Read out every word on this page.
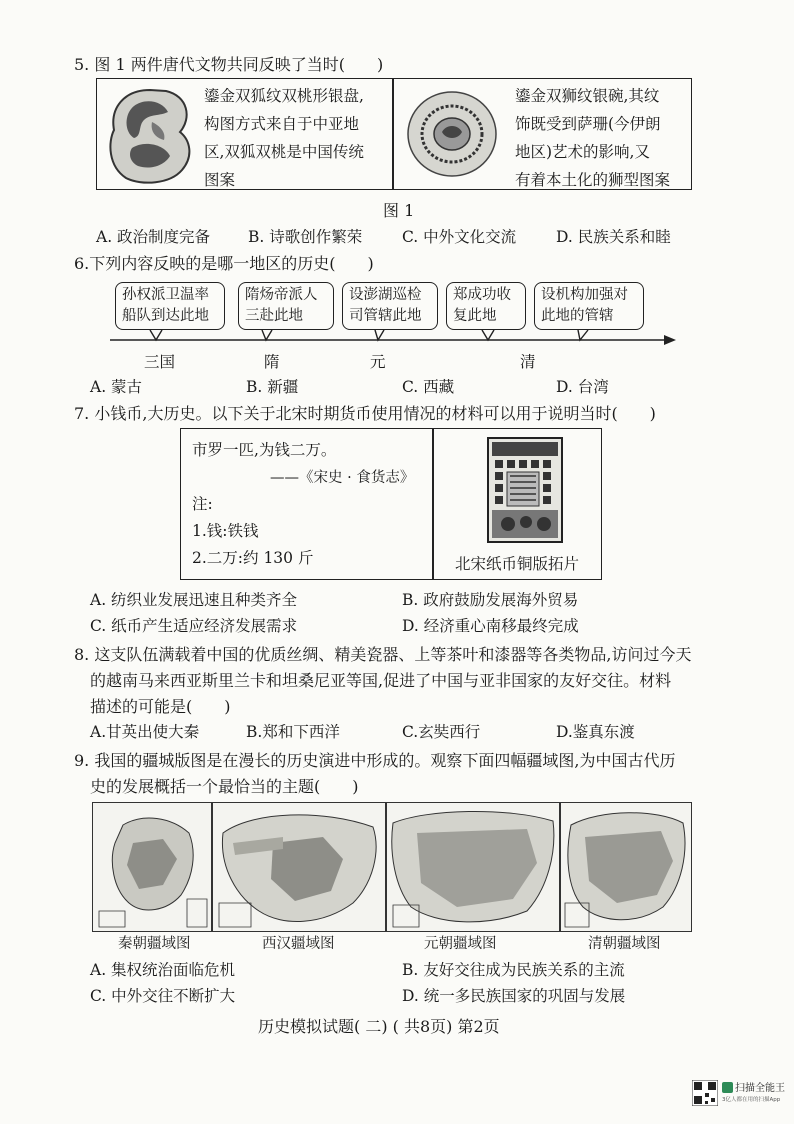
5. 图 1 两件唐代文物共同反映了当时(　　)
鎏金双狐纹双桃形银盘,
构图方式来自于中亚地
区,双狐双桃是中国传统
图案
鎏金双狮纹银碗,其纹
饰既受到萨珊(今伊朗
地区)艺术的影响,又
有着本土化的狮型图案
图 1
A. 政治制度完备 B. 诗歌创作繁荣	C. 中外文化交流	D. 民族关系和睦
6.下列内容反映的是哪一地区的历史(　　)
孙权派卫温率
船队到达此地
隋炀帝派人
三赴此地
设澎湖巡检
司管辖此地
郑成功收
复此地
设机构加强对
此地的管辖
三国	隋	元	清
A. 蒙古	B. 新疆	C. 西藏	D. 台湾
7. 小钱币,大历史。以下关于北宋时期货币使用情况的材料可以用于说明当时(　　)
市罗一匹,为钱二万。
——《宋史 · 食货志》
注:
1.钱:铁钱
2.二万:约 130 斤	北宋纸币铜版拓片
A. 纺织业发展迅速且种类齐全	B. 政府鼓励发展海外贸易
C. 纸币产生适应经济发展需求	D. 经济重心南移最终完成
8. 这支队伍满载着中国的优质丝绸、精美瓷器、上等茶叶和漆器等各类物品,访问过今天
的越南马来西亚斯里兰卡和坦桑尼亚等国,促进了中国与亚非国家的友好交往。材料
描述的可能是(　　)
A.甘英出使大秦	B.郑和下西洋	C.玄奘西行	D.鉴真东渡
9. 我国的疆城版图是在漫长的历史演进中形成的。观察下面四幅疆域图,为中国古代历
史的发展概括一个最恰当的主题(　　)
秦朝疆域图	西汉疆域图	元朝疆域图	清朝疆域图
A. 集权统治面临危机	B. 友好交往成为民族关系的主流
C. 中外交往不断扩大	D. 统一多民族国家的巩固与发展
历史模拟试题( 二) ( 共8页) 第2页
扫描全能王
3亿人都在用的扫描App
